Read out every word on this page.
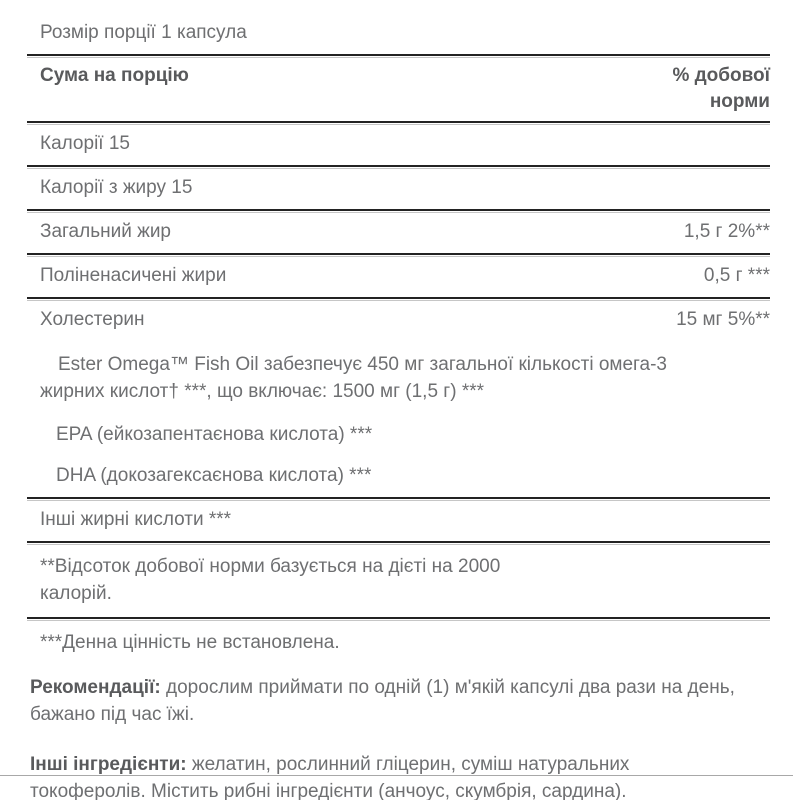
Розмір порції 1 капсула
Сума на порцію	% добової норми
Калорії 15
Калорії з жиру 15
Загальний жир	1,5 г 2%**
Поліненасичені жири	0,5 г ***
Холестерин	15 мг 5%**
Ester Omega™ Fish Oil забезпечує 450 мг загальної кількості омега-3 жирних кислот† ***, що включає: 1500 мг (1,5 г) ***
EPA (ейкозапентаєнова кислота) ***
DHA (докозагексаєнова кислота) ***
Інші жирні кислоти ***
**Відсоток добової норми базується на дієті на 2000 калорій.
***Денна цінність не встановлена.

Рекомендації: дорослим приймати по одній (1) м'якій капсулі два рази на день, бажано під час їжі.

Інші інгредієнти: желатин, рослинний гліцерин, суміш натуральних токоферолів. Містить рибні інгредієнти (анчоус, скумбрія, сардина).
